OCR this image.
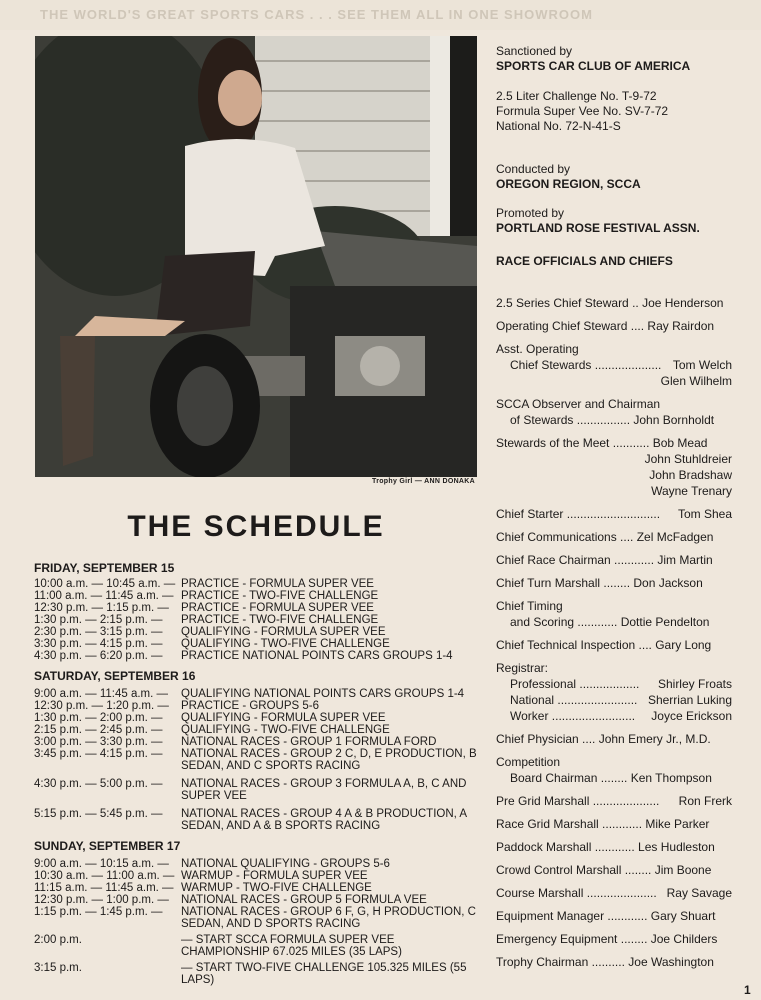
THE WORLD'S GREAT SPORTS CARS . . . SEE THEM ALL IN ONE SHOWROOM
Trophy Girl — ANN DONAKA
THE SCHEDULE
FRIDAY, SEPTEMBER 15
10:00 a.m. — 10:45 a.m. — PRACTICE - FORMULA SUPER VEE
11:00 a.m. — 11:45 a.m. — PRACTICE - TWO-FIVE CHALLENGE
12:30 p.m. — 1:15 p.m. —	PRACTICE - FORMULA SUPER VEE
1:30 p.m. — 2:15 p.m. —	PRACTICE - TWO-FIVE CHALLENGE
2:30 p.m. — 3:15 p.m. —	QUALIFYING - FORMULA SUPER VEE
3:30 p.m. — 4:15 p.m. —	QUALIFYING - TWO-FIVE CHALLENGE
4:30 p.m. — 6:20 p.m. —	PRACTICE NATIONAL POINTS CARS GROUPS 1-4
SATURDAY, SEPTEMBER 16
9:00 a.m. — 11:45 a.m. —	QUALIFYING NATIONAL POINTS CARS GROUPS 1-4
12:30 p.m. — 1:20 p.m. —	PRACTICE - GROUPS 5-6
1:30 p.m. — 2:00 p.m. —	QUALIFYING - FORMULA SUPER VEE
2:15 p.m. — 2:45 p.m. —	QUALIFYING - TWO-FIVE CHALLENGE
3:00 p.m. — 3:30 p.m. —	NATIONAL RACES - GROUP 1 FORMULA FORD
3:45 p.m. — 4:15 p.m. —	NATIONAL RACES - GROUP 2 C, D, E PRODUCTION, B SEDAN, AND C SPORTS RACING
4:30 p.m. — 5:00 p.m. —	NATIONAL RACES - GROUP 3 FORMULA A, B, C AND SUPER VEE
5:15 p.m. — 5:45 p.m. —	NATIONAL RACES - GROUP 4 A & B PRODUCTION, A SEDAN, AND A & B SPORTS RACING
SUNDAY, SEPTEMBER 17
9:00 a.m. — 10:15 a.m. —	NATIONAL QUALIFYING - GROUPS 5-6
10:30 a.m. — 11:00 a.m. — WARMUP - FORMULA SUPER VEE
11:15 a.m. — 11:45 a.m. — WARMUP - TWO-FIVE CHALLENGE
12:30 p.m. — 1:00 p.m. —	NATIONAL RACES - GROUP 5 FORMULA VEE
1:15 p.m. — 1:45 p.m. —	NATIONAL RACES - GROUP 6 F, G, H PRODUCTION, C SEDAN, AND D SPORTS RACING
2:00 p.m.	— START SCCA FORMULA SUPER VEE CHAMPIONSHIP 67.025 MILES (35 LAPS)
3:15 p.m.	— START TWO-FIVE CHALLENGE 105.325 MILES (55 LAPS)

Sanctioned by

SPORTS CAR CLUB OF AMERICA

2.5 Liter Challenge No. T-9-72

Formula Super Vee No. SV-7-72

National No. 72-N-41-S

Conducted by

OREGON REGION, SCCA

Promoted by

PORTLAND ROSE FESTIVAL ASSN.

RACE OFFICIALS AND CHIEFS

2.5 Series Chief Steward .. Joe Henderson
Operating Chief Steward .... Ray Rairdon
Asst. Operating
Chief Stewards .................... Tom Welch
Glen Wilhelm
SCCA Observer and Chairman
of Stewards ................ John Bornholdt
Stewards of the Meet ........... Bob Mead
John Stuhldreier
John Bradshaw
Wayne Trenary
Chief Starter ............................ Tom Shea
Chief Communications .... Zel McFadgen
Chief Race Chairman ............ Jim Martin
Chief Turn Marshall ........ Don Jackson
Chief Timing
and Scoring ............ Dottie Pendelton
Chief Technical Inspection .... Gary Long
Registrar:
Professional .................. Shirley Froats
National ........................ Sherrian Luking
Worker ......................... Joyce Erickson
Chief Physician .... John Emery Jr., M.D.
Competition
Board Chairman ........ Ken Thompson
Pre Grid Marshall .................... Ron Frerk
Race Grid Marshall ............ Mike Parker
Paddock Marshall ............ Les Hudleston
Crowd Control Marshall ........ Jim Boone
Course Marshall ..................... Ray Savage
Equipment Manager ............ Gary Shuart
Emergency Equipment ........ Joe Childers
Trophy Chairman .......... Joe Washington
1
